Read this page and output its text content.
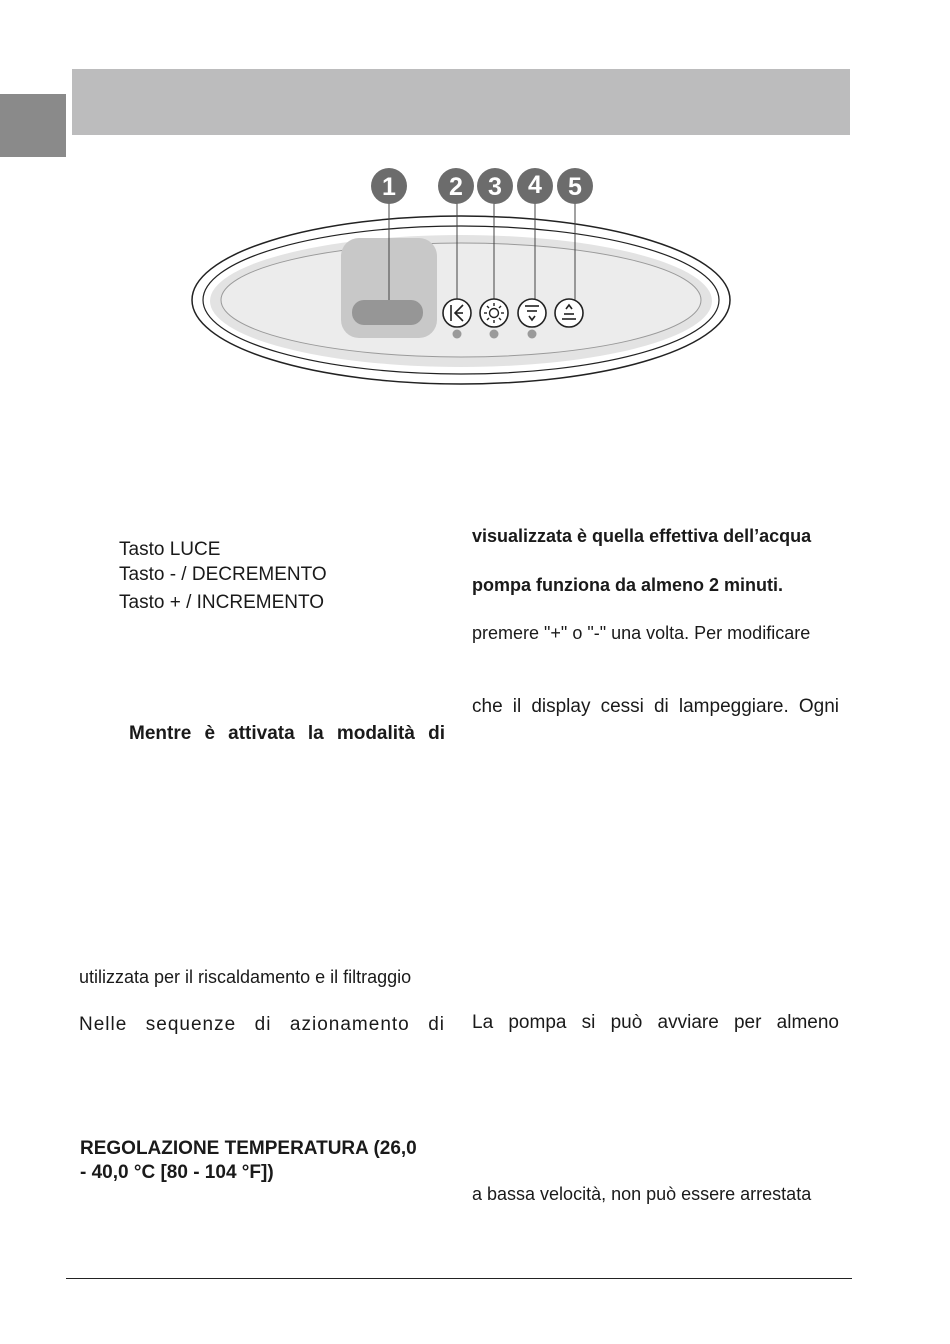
1 2 3 4 5
Tasto LUCE
Tasto - / DECREMENTO
Tasto + / INCREMENTO
Mentre è attivata la modalità di
utilizzata per il riscaldamento e il filtraggio
Nelle sequenze di azionamento di
REGOLAZIONE TEMPERATURA (26,0
- 40,0 °C [80 - 104 °F])
visualizzata è quella effettiva dell’acqua
pompa funziona da almeno 2 minuti.
premere "+" o "-" una volta. Per modificare
che il display cessi di lampeggiare. Ogni
La pompa si può avviare per almeno
a bassa velocità, non può essere arrestata
